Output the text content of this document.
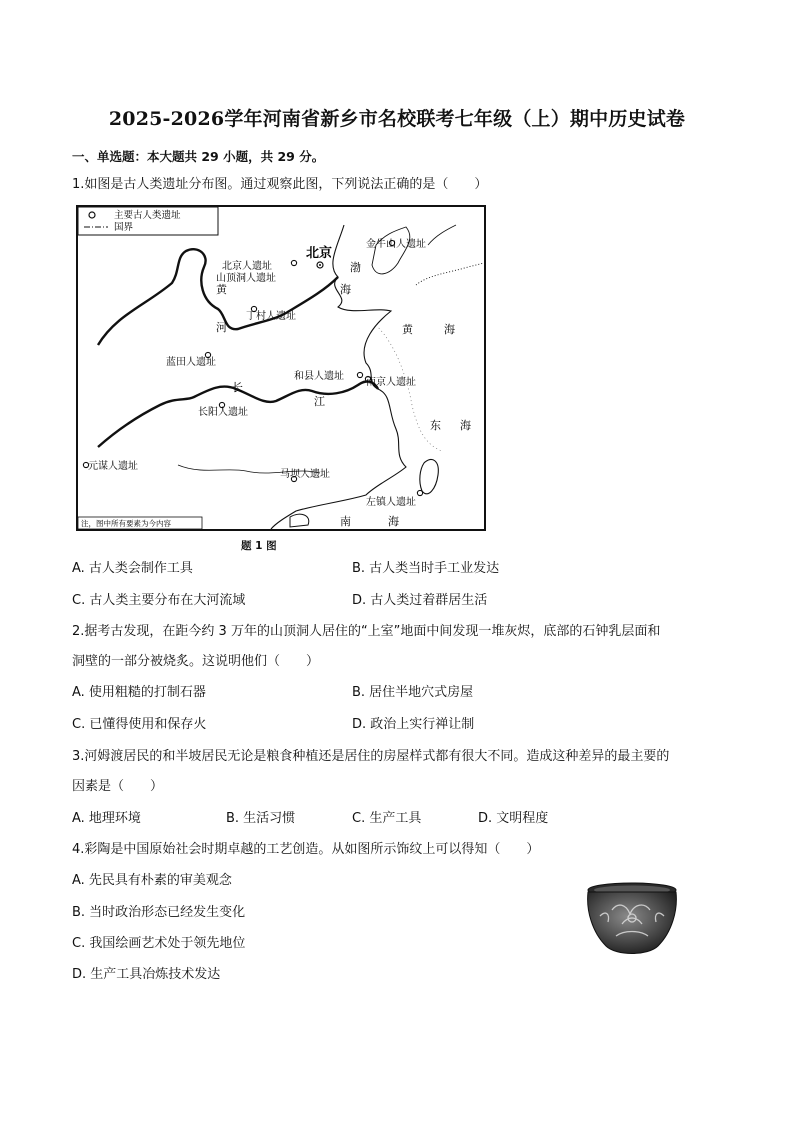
2025-2026学年河南省新乡市名校联考七年级（上）期中历史试卷
一、单选题：本大题共 29 小题，共 29 分。
1.如图是古人类遗址分布图。通过观察此图，下列说法正确的是（　　）
主要古人类遗址
国界
北京
金牛山人遗址
北京人遗址
山顶洞人遗址
丁村人遗址
蓝田人遗址
和县人遗址
南京人遗址
长阳人遗址
元谋人遗址
马坝人遗址
左镇人遗址
渤
海
黄
河	黄	海
长
江
东 海
南	海
注，图中所有要素为今内容
题 1 图
A. 古人类会制作工具	B. 古人类当时手工业发达
C. 古人类主要分布在大河流域	D. 古人类过着群居生活
2.据考古发现，在距今约 3 万年的山顶洞人居住的“上室”地面中间发现一堆灰烬，底部的石钟乳层面和
洞壁的一部分被烧炙。这说明他们（　　）
A. 使用粗糙的打制石器	B. 居住半地穴式房屋
C. 已懂得使用和保存火	D. 政治上实行禅让制
3.河姆渡居民的和半坡居民无论是粮食种植还是居住的房屋样式都有很大不同。造成这种差异的最主要的
因素是（　　）
A. 地理环境	B. 生活习惯	C. 生产工具	D. 文明程度
4.彩陶是中国原始社会时期卓越的工艺创造。从如图所示饰纹上可以得知（　　）
A. 先民具有朴素的审美观念
B. 当时政治形态已经发生变化
C. 我国绘画艺术处于领先地位
D. 生产工具冶炼技术发达
